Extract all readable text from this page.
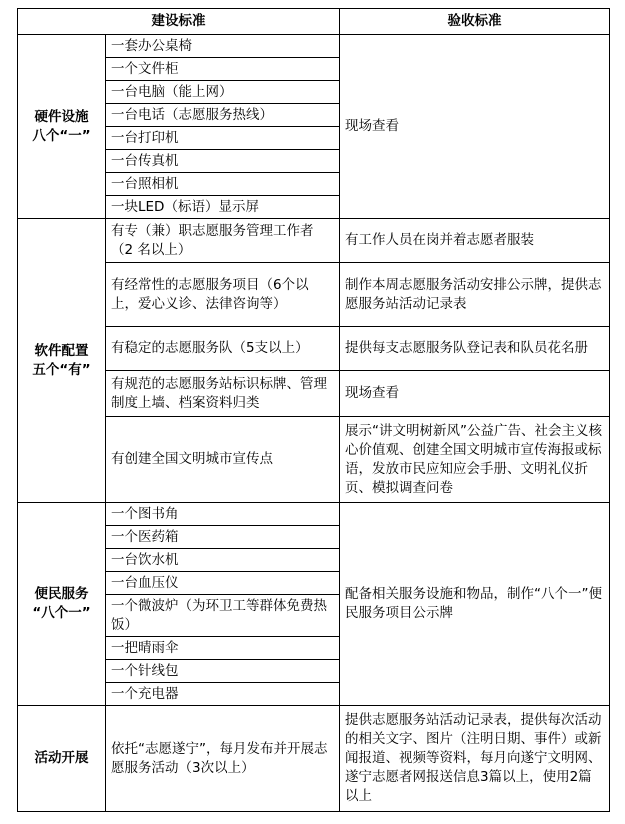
建设标准		验收标准

硬件设施
八个“一”	一套办公桌椅	现场查看
	一个文件柜	
	一台电脑（能上网）	
	一台电话（志愿服务热线）	
	一台打印机	
	一台传真机	
	一台照相机	
	一块LED（标语）显示屏	

软件配置
五个“有”	有专（兼）职志愿服务管理工作者（2 名以上）	有工作人员在岗并着志愿者服装
	有经常性的志愿服务项目（6个以上，爱心义诊、法律咨询等）	制作本周志愿服务活动安排公示牌，提供志愿服务站活动记录表
	有稳定的志愿服务队（5支以上）	提供每支志愿服务队登记表和队员花名册
	有规范的志愿服务站标识标牌、管理制度上墙、档案资料归类	现场查看
	有创建全国文明城市宣传点	展示“讲文明树新风”公益广告、社会主义核心价值观、创建全国文明城市宣传海报或标语，发放市民应知应会手册、文明礼仪折页、模拟调查问卷

便民服务
“八个一”	一个图书角	配备相关服务设施和物品，制作“八个一”便民服务项目公示牌
	一个医药箱	
	一台饮水机	
	一台血压仪	
	一个微波炉（为环卫工等群体免费热饭）	
	一把晴雨伞	
	一个针线包	
	一个充电器	

活动开展	依托“志愿遂宁”，每月发布并开展志愿服务活动（3次以上）	提供志愿服务站活动记录表，提供每次活动的相关文字、图片（注明日期、事件）或新闻报道、视频等资料，每月向遂宁文明网、遂宁志愿者网报送信息3篇以上，使用2篇以上
